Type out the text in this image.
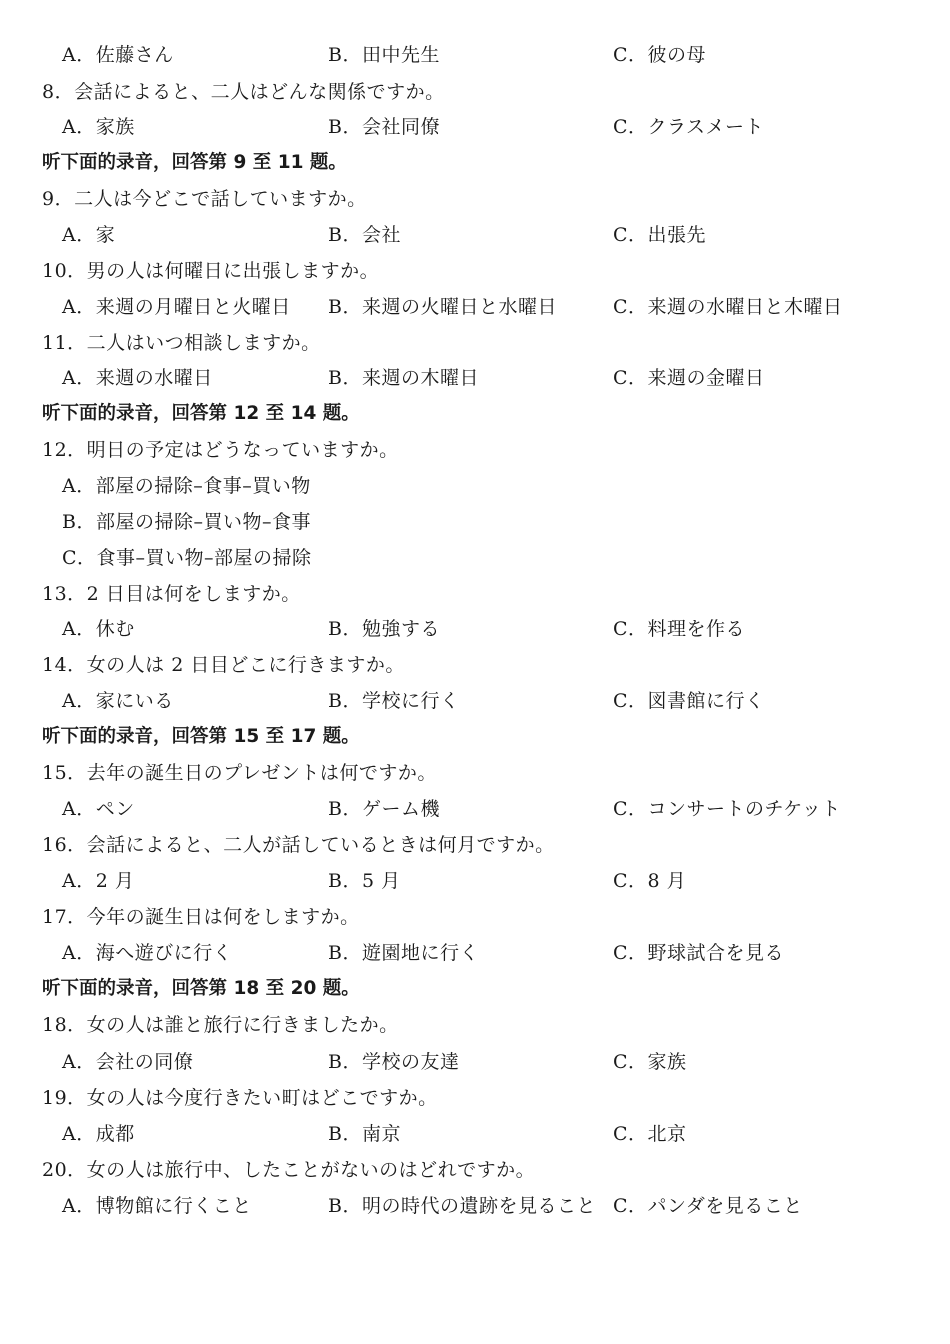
A．佐藤さん	B．田中先生	C．彼の母
8．会話によると、二人はどんな関係ですか。
A．家族	B．会社同僚	C．クラスメート
听下面的录音，回答第 9 至 11 题。
9．二人は今どこで話していますか。
A．家	B．会社	C．出張先
10．男の人は何曜日に出張しますか。
A．来週の月曜日と火曜日 B．来週の火曜日と水曜日	C．来週の水曜日と木曜日
11．二人はいつ相談しますか。
A．来週の水曜日	B．来週の木曜日	C．来週の金曜日
听下面的录音，回答第 12 至 14 题。
12．明日の予定はどうなっていますか。
A．部屋の掃除–食事–買い物
B．部屋の掃除–買い物–食事
C．食事–買い物–部屋の掃除
13．2 日目は何をしますか。
A．休む	B．勉強する	C．料理を作る
14．女の人は 2 日目どこに行きますか。
A．家にいる	B．学校に行く	C．図書館に行く
听下面的录音，回答第 15 至 17 题。
15．去年の誕生日のプレゼントは何ですか。
A．ペン	B．ゲーム機	C．コンサートのチケット
16．会話によると、二人が話しているときは何月ですか。
A．2 月	B．5 月	C．8 月
17．今年の誕生日は何をしますか。
A．海へ遊びに行く	B．遊園地に行く	C．野球試合を見る
听下面的录音，回答第 18 至 20 题。
18．女の人は誰と旅行に行きましたか。
A．会社の同僚	B．学校の友達	C．家族
19．女の人は今度行きたい町はどこですか。
A．成都	B．南京	C．北京
20．女の人は旅行中、したことがないのはどれですか。
A．博物館に行くこと	B．明の時代の遺跡を見ること C．パンダを見ること
